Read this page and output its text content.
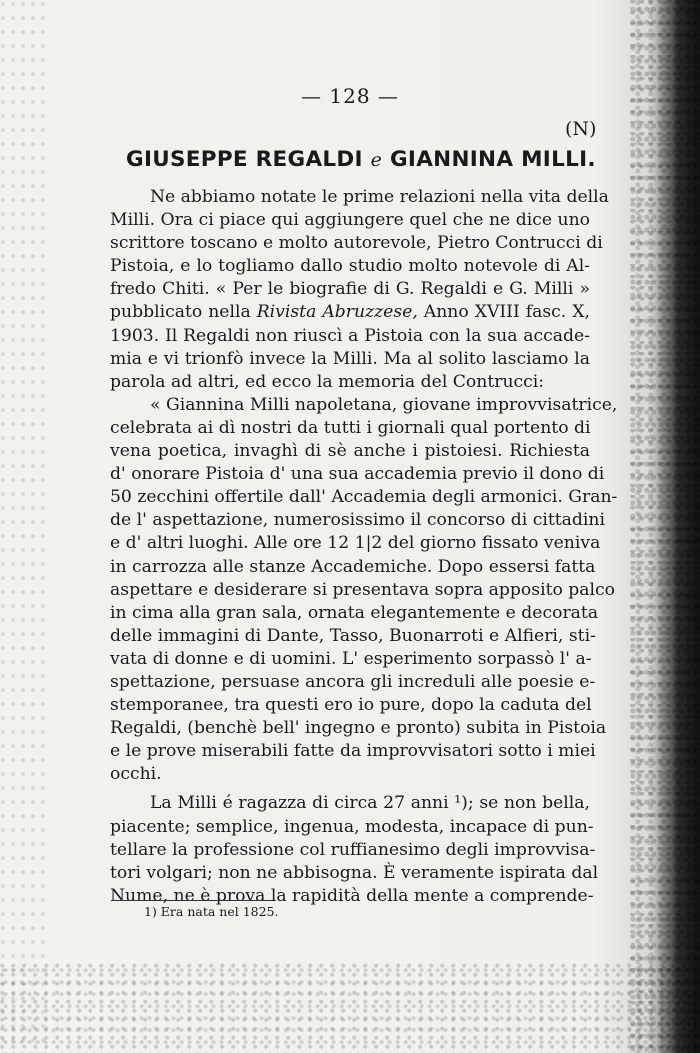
— 128 —
(N)
GIUSEPPE REGALDI e GIANNINA MILLI.
Ne abbiamo notate le prime relazioni nella vita della
Milli. Ora ci piace qui aggiungere quel che ne dice uno
scrittore toscano e molto autorevole, Pietro Contrucci di
Pistoia, e lo togliamo dallo studio molto notevole di Al-
fredo Chiti. « Per le biografie di G. Regaldi e G. Milli »
pubblicato nella Rivista Abruzzese, Anno XVIII fasc. X,
1903. Il Regaldi non riuscì a Pistoia con la sua accade-
mia e vi trionfò invece la Milli. Ma al solito lasciamo la
parola ad altri, ed ecco la memoria del Contrucci:
« Giannina Milli napoletana, giovane improvvisatrice,
celebrata ai dì nostri da tutti i giornali qual portento di
vena poetica, invaghì di sè anche i pistoiesi. Richiesta
d' onorare Pistoia d' una sua accademia previo il dono di
50 zecchini offertile dall' Accademia degli armonici. Gran-
de l' aspettazione, numerosissimo il concorso di cittadini
e d' altri luoghi. Alle ore 12 1|2 del giorno fissato veniva
in carrozza alle stanze Accademiche. Dopo essersi fatta
aspettare e desiderare si presentava sopra apposito palco
in cima alla gran sala, ornata elegantemente e decorata
delle immagini di Dante, Tasso, Buonarroti e Alfieri, sti-
vata di donne e di uomini. L' esperimento sorpassò l' a-
spettazione, persuase ancora gli increduli alle poesie e-
stemporanee, tra questi ero io pure, dopo la caduta del
Regaldi, (benchè bell' ingegno e pronto) subita in Pistoia
e le prove miserabili fatte da improvvisatori sotto i miei
occhi.
La Milli é ragazza di circa 27 anni ¹); se non bella,
piacente; semplice, ingenua, modesta, incapace di pun-
tellare la professione col ruffianesimo degli improvvisa-
tori volgari; non ne abbisogna. È veramente ispirata dal
Nume, ne è prova la rapidità della mente a comprende-
1) Era nata nel 1825.
